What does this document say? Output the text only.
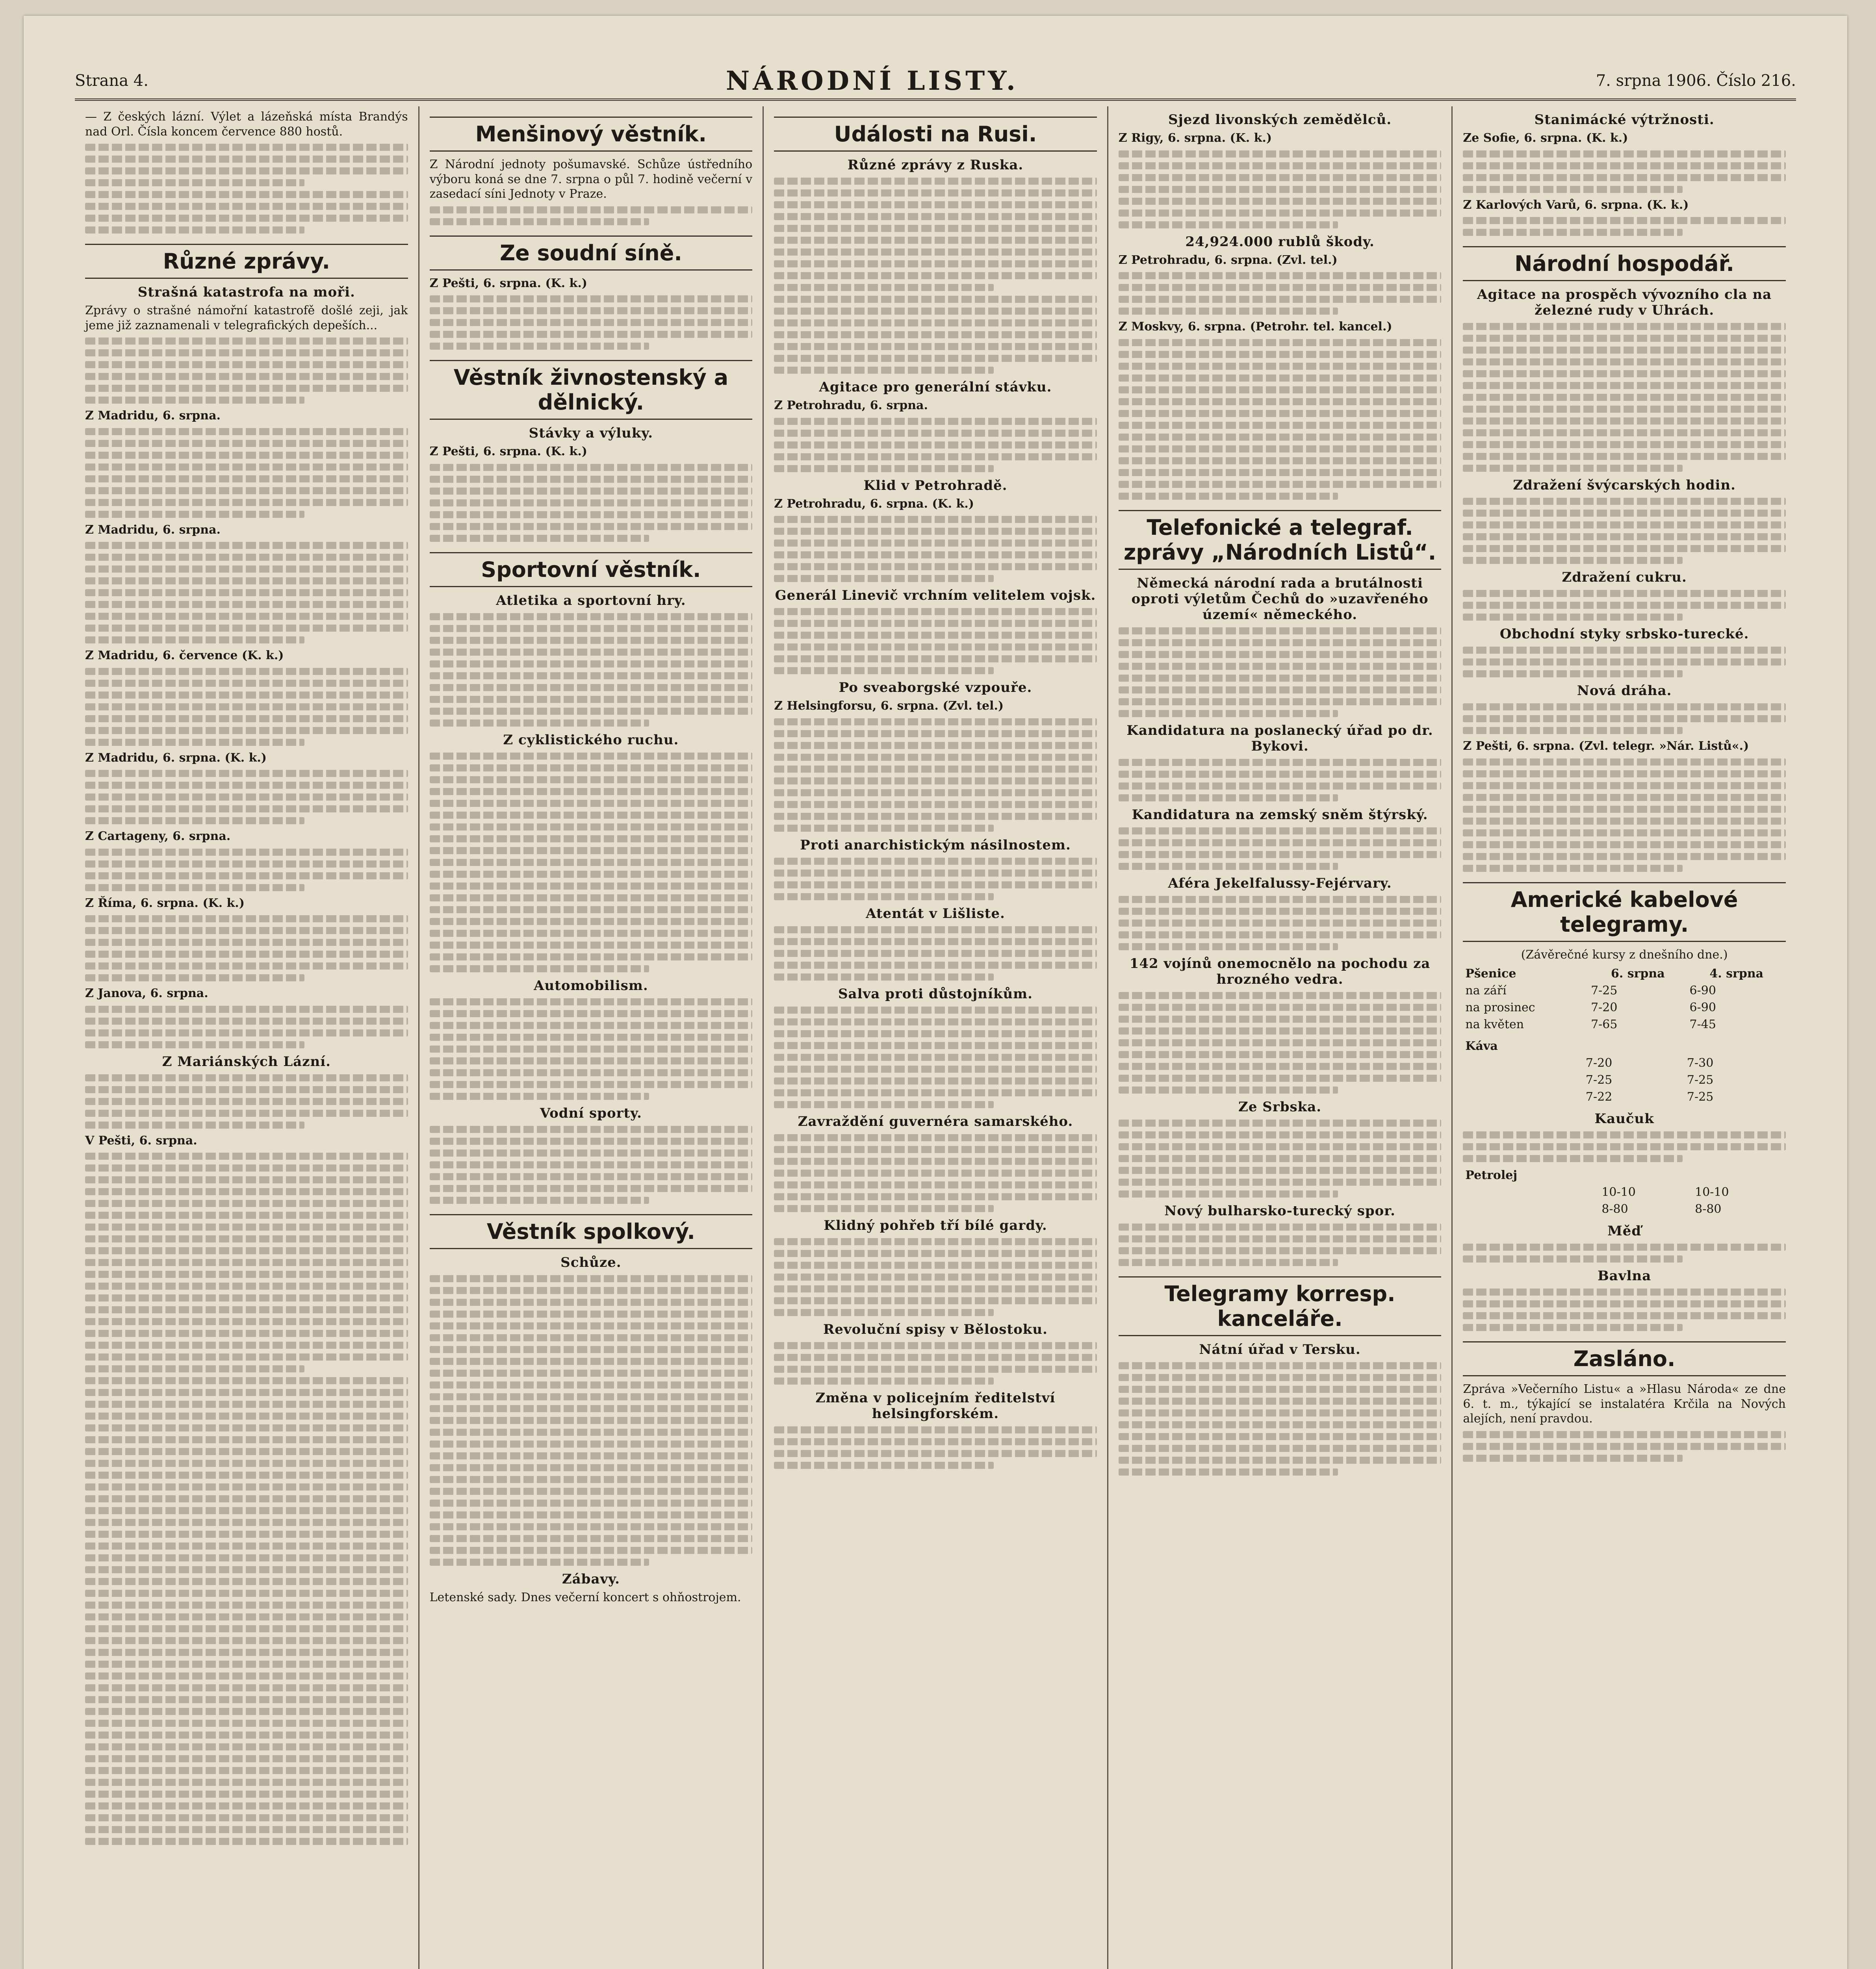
Strana 4.	NÁRODNÍ LISTY.	7. srpna 1906. Číslo 216.
— Z českých lázní. Výlet a lázeňská místa Brandýs nad Orl. Čísla koncem července 880 hostů.
Různé zprávy.
Strašná katastrofa na moři.
Zprávy o strašné námořní katastrofě došlé zeji, jak jeme již zaznamenali v telegrafických depeších...
Z Madridu, 6. srpna.
Z Madridu, 6. srpna.
Z Madridu, 6. července (K. k.)
Z Madridu, 6. srpna. (K. k.)
Z Cartageny, 6. srpna.
Z Říma, 6. srpna. (K. k.)
Z Janova, 6. srpna.
Z Mariánských Lázní.
V Pešti, 6. srpna.
Menšinový věstník.
Z Národní jednoty pošumavské. Schůze ústředního výboru koná se dne 7. srpna o půl 7. hodině večerní v zasedací síni Jednoty v Praze.
Ze soudní síně.
Z Pešti, 6. srpna. (K. k.)
Věstník živnostenský a dělnický.
Stávky a výluky.
Z Pešti, 6. srpna. (K. k.)
Sportovní věstník.
Atletika a sportovní hry.
Z cyklistického ruchu.
Automobilism.
Vodní sporty.
Věstník spolkový.
Schůze.
Zábavy.
Letenské sady. Dnes večerní koncert s ohňostrojem.
Události na Rusi.
Různé zprávy z Ruska.
Agitace pro generální stávku.
Z Petrohradu, 6. srpna.
Klid v Petrohradě.
Z Petrohradu, 6. srpna. (K. k.)
Generál Linevič vrchním velitelem vojsk.
Po sveaborgské vzpouře.
Z Helsingforsu, 6. srpna. (Zvl. tel.)
Proti anarchistickým násilnostem.
Atentát v Lišliste.
Salva proti důstojníkům.
Zavraždění guvernéra samarského.
Klidný pohřeb tří bílé gardy.
Revoluční spisy v Bělostoku.
Změna v policejním ředitelství helsingforském.
Sjezd livonských zemědělců.
Z Rigy, 6. srpna. (K. k.)
24,924.000 rublů škody.
Z Petrohradu, 6. srpna. (Zvl. tel.)
Z Moskvy, 6. srpna. (Petrohr. tel. kancel.)
Telefonické a telegraf. zprávy „Národních Listů“.
Německá národní rada a brutálnosti oproti výletům Čechů do »uzavřeného území« německého.
Kandidatura na poslanecký úřad po dr. Bykovi.
Kandidatura na zemský sněm štýrský.
Aféra Jekelfalussy-Fejérvary.
142 vojínů onemocnělo na pochodu za hrozného vedra.
Ze Srbska.
Nový bulharsko-turecký spor.
Telegramy korresp. kanceláře.
Nátní úřad v Tersku.
Stanimácké výtržnosti.
Ze Sofie, 6. srpna. (K. k.)
Z Karlových Varů, 6. srpna. (K. k.)
Národní hospodář.
Agitace na prospěch vývozního cla na železné rudy v Uhrách.
Zdražení švýcarských hodin.
Zdražení cukru.
Obchodní styky srbsko-turecké.
Nová dráha.
Z Pešti, 6. srpna. (Zvl. telegr. »Nár. Listů«.)
Americké kabelové telegramy.
(Závěrečné kursy z dnešního dne.)
Pšenice	6. srpna	4. srpna
na září	7-25	6-90
na prosinec	7-20	6-90
na květen	7-65	7-45
Káva		
	7-20	7-30
	7-25	7-25
	7-22	7-25
Kaučuk
Petrolej		
	10-10	10-10
	8-80	8-80
Měď
Bavlna
Zasláno.
Zpráva »Večerního Listu« a »Hlasu Národa« ze dne 6. t. m., týkající se instalatéra Krčila na Nových alejích, není pravdou.
